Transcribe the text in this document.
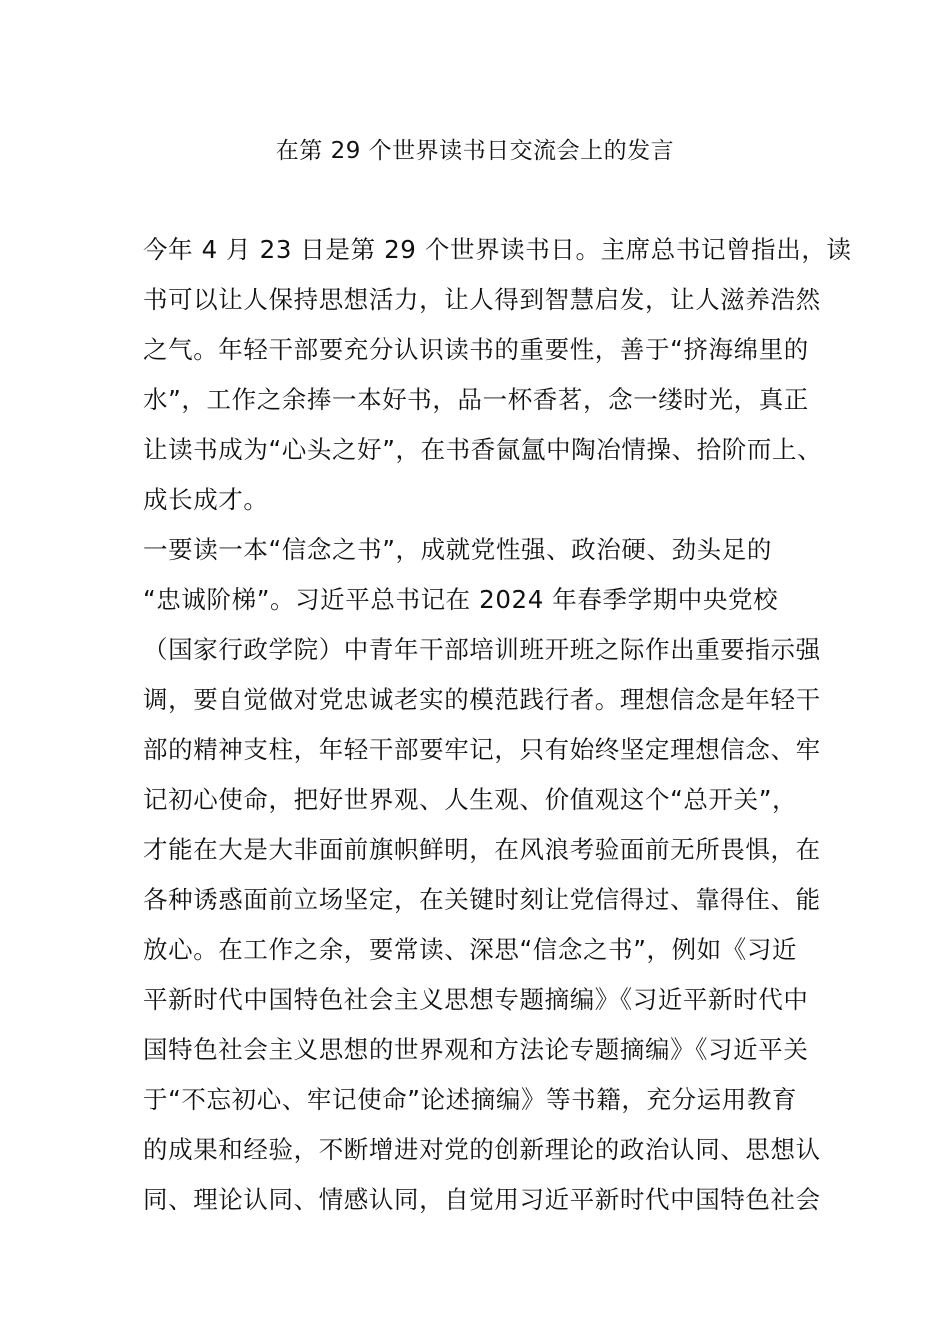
在第 29 个世界读书日交流会上的发言
今年 4 月 23 日是第 29 个世界读书日。主席总书记曾指出，读
书可以让人保持思想活力，让人得到智慧启发，让人滋养浩然
之气。年轻干部要充分认识读书的重要性，善于“挤海绵里的
水”，工作之余捧一本好书，品一杯香茗，念一缕时光，真正
让读书成为“心头之好”，在书香氤氲中陶冶情操、拾阶而上、
成长成才。
一要读一本“信念之书”，成就党性强、政治硬、劲头足的
“忠诚阶梯”。习近平总书记在 2024 年春季学期中央党校
（国家行政学院）中青年干部培训班开班之际作出重要指示强
调，要自觉做对党忠诚老实的模范践行者。理想信念是年轻干
部的精神支柱，年轻干部要牢记，只有始终坚定理想信念、牢
记初心使命，把好世界观、人生观、价值观这个“总开关”，
才能在大是大非面前旗帜鲜明，在风浪考验面前无所畏惧，在
各种诱惑面前立场坚定，在关键时刻让党信得过、靠得住、能
放心。在工作之余，要常读、深思“信念之书”，例如《习近
平新时代中国特色社会主义思想专题摘编》《习近平新时代中
国特色社会主义思想的世界观和方法论专题摘编》《习近平关
于“不忘初心、牢记使命”论述摘编》等书籍，充分运用教育
的成果和经验，不断增进对党的创新理论的政治认同、思想认
同、理论认同、情感认同，自觉用习近平新时代中国特色社会
